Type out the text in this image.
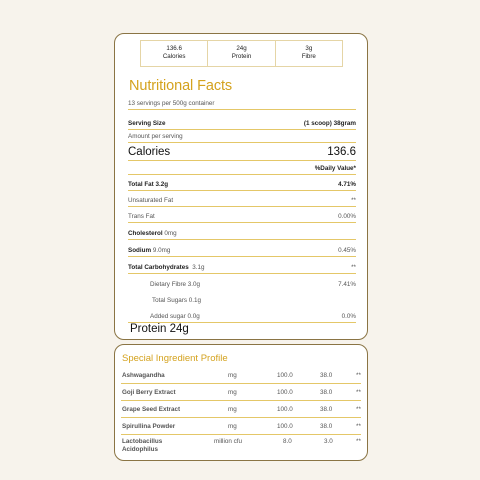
136.6
Calories
24g
Protein
3g
Fibre
Nutritional Facts
13 servings per 500g container
Serving Size	(1 scoop) 38gram
Amount per serving
Calories	136.6
%Daily Value*
Total Fat 3.2g	4.71%
Unsaturated Fat	**
Trans Fat	0.00%
Cholesterol 0mg
Sodium 9.0mg	0.45%
Total Carbohydrates 3.1g	**
Dietary Fibre 3.0g	7.41%
Total Sugars 0.1g
Added sugar 0.0g	0.0%
Protein 24g
Special Ingredient Profile
Ashwagandha	mg	100.0	38.0	**
Goji Berry Extract	mg	100.0	38.0	**
Grape Seed Extract	mg	100.0	38.0	**
Spirullina Powder	mg	100.0	38.0	**
Lactobacillus
Acidophilus
million cfu	8.0	3.0	**
